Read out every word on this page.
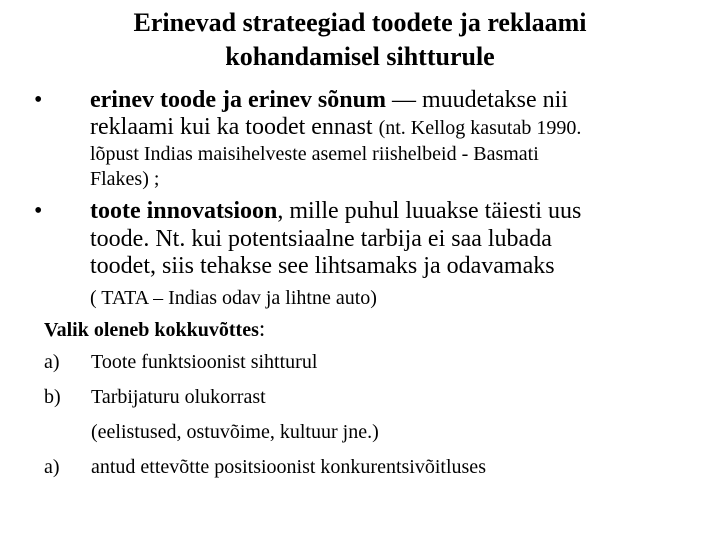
Erinevad strateegiad toodete ja reklaami
kohandamisel sihtturule
• erinev toode ja erinev sõnum — muudetakse nii
reklaami kui ka toodet ennast (nt. Kellog kasutab 1990.
lõpust Indias maisihelveste asemel riishelbeid - Basmati
Flakes) ;
• toote innovatsioon, mille puhul luuakse täiesti uus
toode. Nt. kui potentsiaalne tarbija ei saa lubada
toodet, siis tehakse see lihtsamaks ja odavamaks
( TATA – Indias odav ja lihtne auto)
Valik oleneb kokkuvõttes:
a) Toote funktsioonist sihtturul
b) Tarbijaturu olukorrast
(eelistused, ostuvõime, kultuur jne.)
a) antud ettevõtte positsioonist konkurentsivõitluses
